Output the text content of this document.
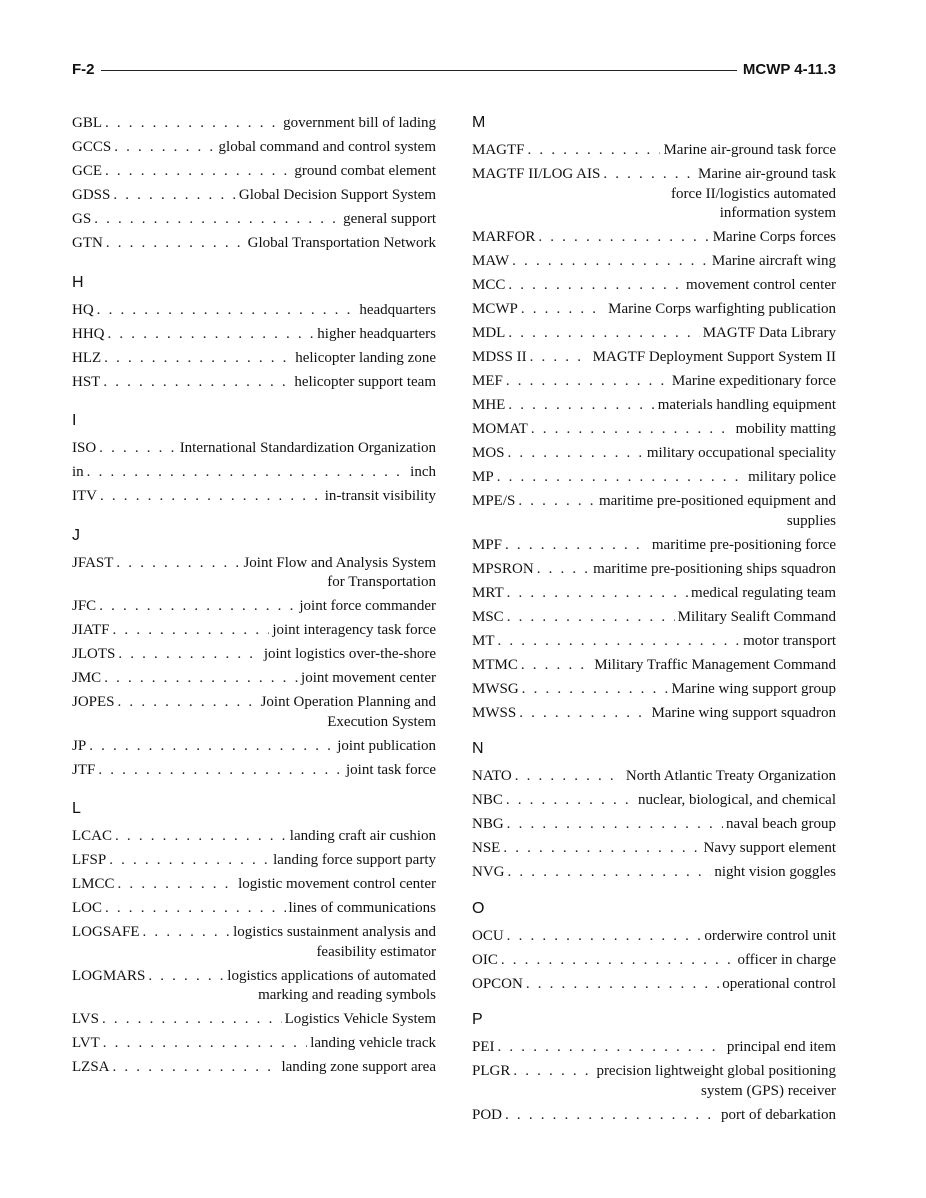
F-2	MCWP 4-11.3
GBL . . .	government bill of lading
GCCS . . .	global command and control system
GCE . . .	ground combat element
GDSS . . .	Global Decision Support System
GS . . .	general support
GTN . . .	Global Transportation Network
H
HQ . . .	headquarters
HHQ . . .	higher headquarters
HLZ . . .	helicopter landing zone
HST . . .	helicopter support team
I
ISO . . .	International Standardization Organization
in . . .	inch
ITV . . .	in-transit visibility
J
JFAST . . .	Joint Flow and Analysis System
for Transportation
JFC . . .	joint force commander
JIATF . . .	joint interagency task force
JLOTS . . .	joint logistics over-the-shore
JMC . . .	joint movement center
JOPES . . .	Joint Operation Planning and
Execution System
JP . . .	joint publication
JTF . . .	joint task force
L
LCAC . . .	landing craft air cushion
LFSP . . .	landing force support party
LMCC . . .	logistic movement control center
LOC . . .	lines of communications
LOGSAFE . . .	logistics sustainment analysis and
feasibility estimator
LOGMARS . . .	logistics applications of automated
marking and reading symbols
LVS . . .	Logistics Vehicle System
LVT . . .	landing vehicle track
LZSA . . .	landing zone support area
M
MAGTF . . .	Marine air-ground task force
MAGTF II/LOG AIS . . .	Marine air-ground task
force II/logistics automated
information system
MARFOR . . .	Marine Corps forces
MAW . . .	Marine aircraft wing
MCC . . .	movement control center
MCWP . . .	Marine Corps warfighting publication
MDL . . .	MAGTF Data Library
MDSS II . . .	MAGTF Deployment Support System II
MEF . . .	Marine expeditionary force
MHE . . .	materials handling equipment
MOMAT . . .	mobility matting
MOS . . .	military occupational speciality
MP . . .	military police
MPE/S . . .	maritime pre-positioned equipment and
supplies
MPF . . .	maritime pre-positioning force
MPSRON . . .	maritime pre-positioning ships squadron
MRT . . .	medical regulating team
MSC . . .	Military Sealift Command
MT . . .	motor transport
MTMC . . .	Military Traffic Management Command
MWSG . . .	Marine wing support group
MWSS . . .	Marine wing support squadron
N
NATO . . .	North Atlantic Treaty Organization
NBC . . .	nuclear, biological, and chemical
NBG . . .	naval beach group
NSE . . .	Navy support element
NVG . . .	night vision goggles
O
OCU . . .	orderwire control unit
OIC . . .	officer in charge
OPCON . . .	operational control
P
PEI . . .	principal end item
PLGR . . .	precision lightweight global positioning
system (GPS) receiver
POD . . .	port of debarkation
